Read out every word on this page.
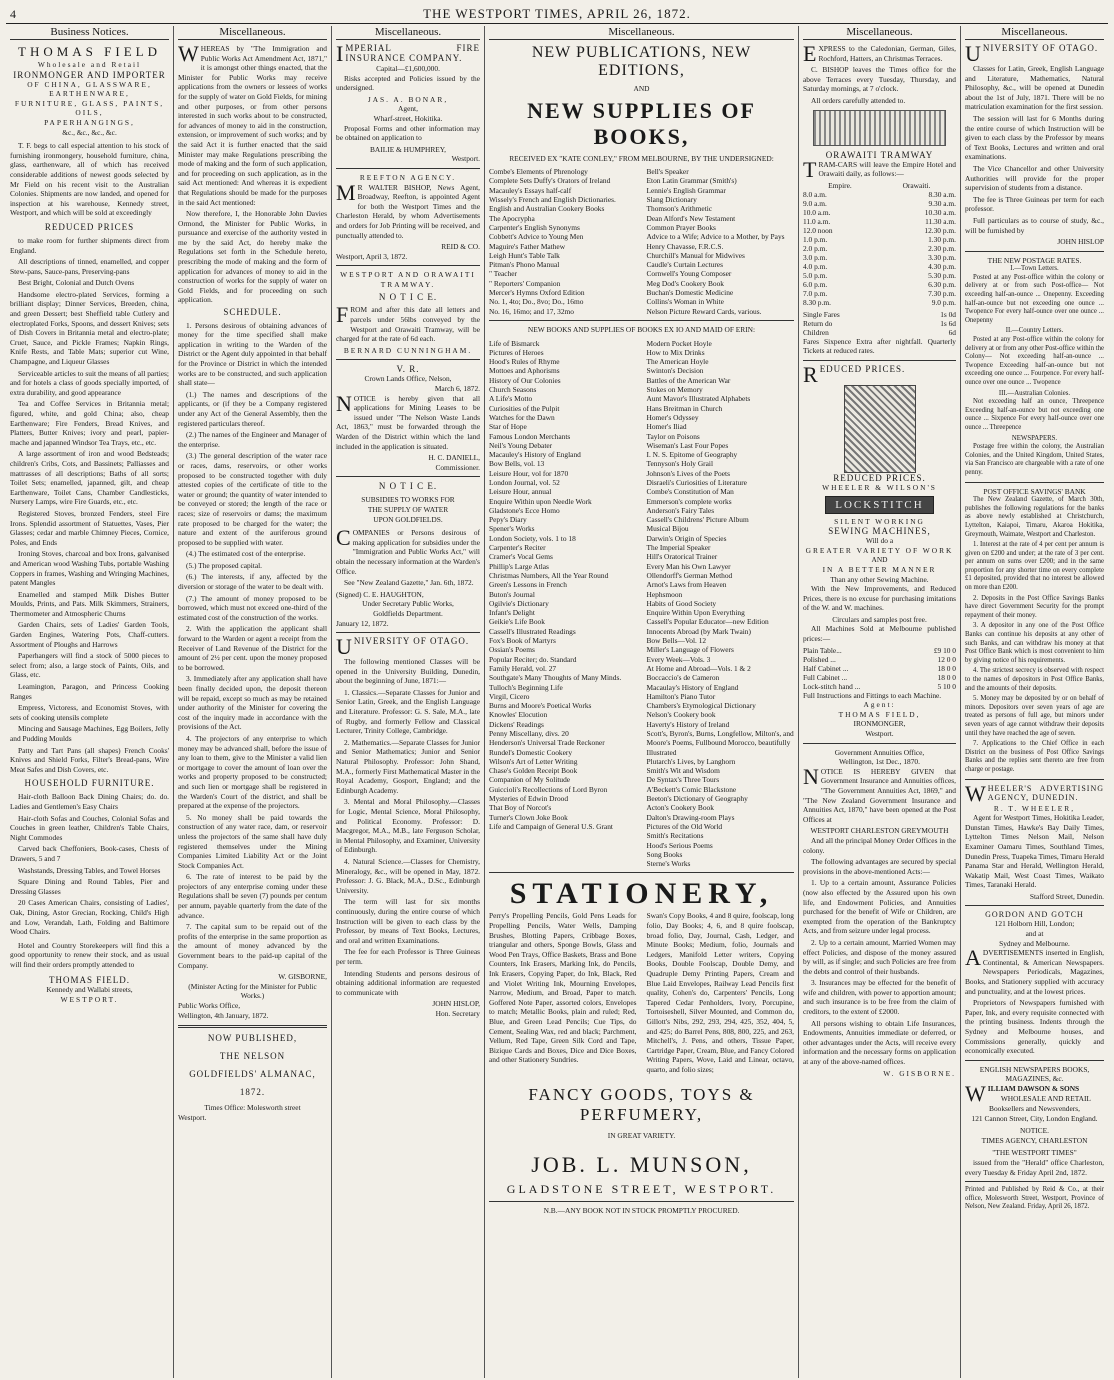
4	THE WESTPORT TIMES, APRIL 26, 1872.
Business Notices.
THOMAS FIELD
Wholesale and Retail
IRONMONGER AND IMPORTER
OF CHINA, GLASSWARE,
EARTHENWARE,
FURNITURE, GLASS, PAINTS, OILS,
PAPERHANGINGS,
&c., &c., &c., &c.

T. F. begs to call especial attention to his stock of furnishing ironmongery, household furniture, china, glass, earthenware, all of which has received considerable additions of newest goods selected by Mr Field on his recent visit to the Australian Colonies. Shipments are now landed, and opened for inspection at his warehouse, Kennedy street, Westport, and which will be sold at exceedingly

REDUCED PRICES

to make room for further shipments direct from England.

All descriptions of tinned, enamelled, and copper Stew-pans, Sauce-pans, Preserving-pans

Best Bright, Colonial and Dutch Ovens

Handsome electro-plated Services, forming a brilliant display; Dinner Services, Breeden, china, and green Dessert; best Sheffield table Cutlery and electroplated Forks, Spoons, and dessert Knives; sets of Dish Covers in Britannia metal and electro-plate; Cruet, Sauce, and Pickle Frames; Napkin Rings, Knife Rests, and Table Mats; superior cut Wine, Champagne, and Liqueur Glasses

Serviceable articles to suit the means of all parties; and for hotels a class of goods specially imported, of extra durability, and good appearance

Tea and Coffee Services in Britannia metal; figured, white, and gold China; also, cheap Earthenware; Fire Fenders, Bread Knives, and Platters, Butter Knives; ivory and pearl, papier-mache and japanned Windsor Tea Trays, etc., etc.

A large assortment of iron and wood Bedsteads; children's Cribs, Cots, and Bassinets; Palliasses and mattrasses of all descriptions; Baths of all sorts; Toilet Sets; enamelled, japanned, gilt, and cheap Earthenware, Toilet Cans, Chamber Candlesticks, Nursery Lamps, wire Fire Guards, etc., etc.

Registered Stoves, bronzed Fenders, steel Fire Irons. Splendid assortment of Statuettes, Vases, Pier Glasses; cedar and marble Chimney Pieces, Cornice, Poles, and Ends

Ironing Stoves, charcoal and box Irons, galvanised and American wood Washing Tubs, portable Washing Coppers in frames, Washing and Wringing Machines, patent Mangles

Enamelled and stamped Milk Dishes Butter Moulds, Prints, and Pats. Milk Skimmers, Strainers, Thermometer and Atmospheric Churns

Garden Chairs, sets of Ladies' Garden Tools, Garden Engines, Watering Pots, Chaff-cutters. Assortment of Ploughs and Harrows

Paperhangers will find a stock of 5000 pieces to select from; also, a large stock of Paints, Oils, and Glass, etc.

Leamington, Paragon, and Princess Cooking Ranges

Empress, Victoress, and Economist Stoves, with sets of cooking utensils complete

Mincing and Sausage Machines, Egg Boilers, Jelly and Pudding Moulds

Patty and Tart Pans (all shapes) French Cooks' Knives and Shield Forks, Filter's Bread-pans, Wire Meat Safes and Dish Covers, etc.

HOUSEHOLD FURNITURE.

Hair-cloth Balloon Back Dining Chairs; do. do. Ladies and Gentlemen's Easy Chairs

Hair-cloth Sofas and Couches, Colonial Sofas and Couches in green leather, Children's Table Chairs, Night Commodes

Carved back Cheffoniers, Book-cases, Chests of Drawers, 5 and 7

Washstands, Dressing Tables, and Towel Horses

Square Dining and Round Tables, Pier and Dressing Glasses

20 Cases American Chairs, consisting of Ladies', Oak, Dining, Astor Grecian, Rocking, Child's High and Low, Verandah, Lath, Folding and Baltimore Wood Chairs.

Hotel and Country Storekeepers will find this a good opportunity to renew their stock, and as usual will find their orders promptly attended to

THOMAS FIELD.
Kennedy and Wallabi streets,
WESTPORT.
Miscellaneous.
W HEREAS by "The Immigration and Public Works Act Amendment Act, 1871," it is amongst other things enacted, that the Minister for Public Works may receive applications from the owners or lessees of works for the supply of water on Gold Fields, for mining and other purposes, or from other persons interested in such works about to be constructed, for advances of money to aid in the construction, extension, or improvement of such works; and by the said Act it is further enacted that the said Minister may make Regulations prescribing the mode of making and the form of such application, and for proceeding on such application, as in the said Act mentioned: And whereas it is expedient that Regulations should be made for the purposes in the said Act mentioned:

Now therefore, I, the Honorable John Davies Ormond, the Minister for Public Works, in pursuance and exercise of the authority vested in me by the said Act, do hereby make the Regulations set forth in the Schedule hereto, prescribing the mode of making and the form of application for advances of money to aid in the construction of works for the supply of water on Gold Fields, and for proceeding on such application.

SCHEDULE.

1. Persons desirous of obtaining advances of money for the time specified shall make application in writing to the Warden of the District or the Agent duly appointed in that behalf for the Province or District in which the intended works are to be constructed, and such application shall state—

(1.) The names and descriptions of the applicants, or (if they be a Company registered under any Act of the General Assembly, then the registered particulars thereof.

(2.) The names of the Engineer and Manager of the enterprise.

(3.) The general description of the water race or races, dams, reservoirs, or other works proposed to be constructed together with duly attested copies of the certificate of title to the water or ground; the quantity of water intended to be conveyed or stored; the length of the race or races; size of reservoirs or dams; the maximum rate proposed to be charged for the water; the nature and extent of the auriferous ground proposed to be supplied with water.

(4.) The estimated cost of the enterprise.

(5.) The proposed capital.

(6.) The interests, if any, affected by the diversion or storage of the water to be dealt with.

(7.) The amount of money proposed to be borrowed, which must not exceed one-third of the estimated cost of the construction of the works.

2. With the application the applicant shall forward to the Warden or agent a receipt from the Receiver of Land Revenue of the District for the amount of 2½ per cent. upon the money proposed to be borrowed.

3. Immediately after any application shall have been finally decided upon, the deposit thereon will be repaid, except so much as may be retained under authority of the Minister for covering the cost of the inquiry made in accordance with the provisions of the Act.

4. The projectors of any enterprise to which money may be advanced shall, before the issue of any loan to them, give to the Minister a valid lien or mortgage to cover the amount of loan over the works and property proposed to be constructed; and such lien or mortgage shall be registered in the Warden's Court of the district, and shall be prepared at the expense of the projectors.

5. No money shall be paid towards the construction of any water race, dam, or reservoir unless the projectors of the same shall have duly registered themselves under the Mining Companies Limited Liability Act or the Joint Stock Companies Act.

6. The rate of interest to be paid by the projectors of any enterprise coming under these Regulations shall be seven (7) pounds per centum per annum, payable quarterly from the date of the advance.

7. The capital sum to be repaid out of the profits of the enterprise in the same proportion as the amount of money advanced by the Government bears to the paid-up capital of the Company.

W. GISBORNE,
(Minister Acting for the Minister for Public Works.)
Public Works Office,
Wellington, 4th January, 1872.
NOW PUBLISHED,
THE NELSON
GOLDFIELDS' ALMANAC,
1872.
Times Office: Molesworth street
Westport.
Miscellaneous.
I MPERIAL FIRE INSURANCE COMPANY.
Capital—£1,600,000.

Risks accepted and Policies issued by the undersigned.

JAS. A. BONAR,
Agent,
Wharf-street, Hokitika.

Proposal Forms and other information may be obtained on application to

BAILIE & HUMPHREY,
Westport.
REEFTON AGENCY.
M R WALTER BISHOP, News Agent, Broadway, Reefton, is appointed Agent for both the Westport Times and the Charleston Herald, by whom Advertisements and orders for Job Printing will be received, and punctually attended to.

REID & CO.
Westport, April 3, 1872.
WESTPORT AND ORAWAITI
TRAMWAY.
N O T I C E.
F ROM and after this date all letters and parcels under 56lbs conveyed by the Westport and Orawaiti Tramway, will be charged for at the rate of 6d each.

BERNARD CUNNINGHAM.
V. R.
Crown Lands Office, Nelson,
March 6, 1872.
N OTICE is hereby given that all applications for Mining Leases to be issued under "The Nelson Waste Lands Act, 1863," must be forwarded through the Warden of the District within which the land included in the application is situated.

H. C. DANIELL,
Commissioner.
N O T I C E.
SUBSIDIES TO WORKS FOR
THE SUPPLY OF WATER
UPON GOLDFIELDS.
C OMPANIES or Persons desirous of making application for subsidies under the "Immigration and Public Works Act," will obtain the necessary information at the Warden's Office.

See "New Zealand Gazette," Jan. 6th, 1872.

(Signed) C. E. HAUGHTON,
Under Secretary Public Works,
Goldfields Department.
January 12, 1872.
U NIVERSITY OF OTAGO.

The following mentioned Classes will be opened in the University Building, Dunedin, about the beginning of June, 1871:—

1. Classics.—Separate Classes for Junior and Senior Latin, Greek, and the English Language and Literature. Professor: G. S. Sale, M.A., late of Rugby, and formerly Fellow and Classical Lecturer, Trinity College, Cambridge.

2. Mathematics.—Separate Classes for Junior and Senior Mathematics; Junior and Senior Natural Philosophy. Professor: John Shand, M.A., formerly First Mathematical Master in the Royal Academy, Gosport, England; and the Edinburgh Academy.

3. Mental and Moral Philosophy.—Classes for Logic, Mental Science, Moral Philosophy, and Political Economy. Professor: D. Macgregor, M.A., M.B., late Ferguson Scholar, in Mental Philosophy, and Examiner, University of Edinburgh.

4. Natural Science.—Classes for Chemistry, Mineralogy, &c., will be opened in May, 1872. Professor: J. G. Black, M.A., D.Sc., Edinburgh University.

The term will last for six months continuously, during the entire course of which Instruction will be given to each class by the Professor, by means of Text Books, Lectures, and oral and written Examinations.

The fee for each Professor is Three Guineas per term.

Intending Students and persons desirous of obtaining additional information are requested to communicate with

JOHN HISLOP,
Hon. Secretary
Miscellaneous.
NEW PUBLICATIONS, NEW EDITIONS,
AND
NEW SUPPLIES OF BOOKS,
RECEIVED EX "KATE CONLEY," FROM MELBOURNE, BY THE UNDERSIGNED:
Combe's Elements of Phrenology
Complete Sets Duffy's Orators of Ireland
Macauley's Essays half-calf
Wissely's French and English Dictionaries.
English and Australian Cookery Books
The Apocrypha
Carpenter's English Synonyms
Cobbett's Advice to Young Men
Maguire's Father Mathew
Leigh Hunt's Table Talk
Pitman's Phono Manual
" Teacher
" Reporters' Companion
Mercer's Hymns Oxford Edition
No. 1, 4to; Do., 8vo; Do., 16mo
No. 16, 16mo; and 17, 32mo
Bell's Speaker
Eton Latin Grammar (Smith's)
Lennie's English Grammar
Slang Dictionary
Thomson's Arithmetic
Dean Alford's New Testament
Common Prayer Books
Advice to a Wife; Advice to a Mother, by Pays Henry Chavasse, F.R.C.S.
Churchill's Manual for Midwives
Caudle's Curtain Lectures
Cornwell's Young Composer
Meg Dod's Cookery Book
Buchan's Domestic Medicine
Collins's Woman in White
Nelson Picture Reward Cards, various.
NEW BOOKS AND SUPPLIES OF BOOKS EX IO AND MAID OF ERIN:
Life of Bismarck
Pictures of Heroes
Hood's Rules of Rhyme
Mottoes and Aphorisms
History of Our Colonies
Church Seasons
A Life's Motto
Curiosities of the Pulpit
Watches for the Dawn
Star of Hope
Famous London Merchants
Neil's Young Debater
Macauley's History of England
Bow Bells, vol. 13
Leisure Hour, vol for 1870
London Journal, vol. 52
Leisure Hour, annual
Enquire Within upon Needle Work
Gladstone's Ecce Homo
Pepy's Diary
Spener's Works
London Society, vols. 1 to 18
Carpenter's Reciter
Cramer's Vocal Gems
Phillip's Large Atlas
Christmas Numbers, All the Year Round
Green's Lessons in French
Buton's Journal
Ogilvie's Dictionary
Infant's Delight
Geikie's Life Book
Cassell's Illustrated Readings
Fox's Book of Martyrs
Ossian's Poems
Popular Reciter; do. Standard
Family Herald, vol. 27
Southgate's Many Thoughts of Many Minds.
Tulloch's Beginning Life
Virgil, Cicero
Burns and Moore's Poetical Works
Knowles' Elocution
Dickens' Readings
Penny Miscellany, divs. 20
Henderson's Universal Trade Reckoner
Rundel's Domestic Cookery
Wilson's Art of Letter Writing
Chase's Golden Receipt Book
Companion of My Solitude
Guiccioli's Recollections of Lord Byron
Mysteries of Edwin Drood
That Boy of Norcot's
Turner's Clown Joke Book
Life and Campaign of General U.S. Grant
Modern Pocket Hoyle
How to Mix Drinks
The American Hoyle
Swinton's Decision
Battles of the American War
Stokes on Memory
Aunt Mavor's Illustrated Alphabets
Hans Breitman in Church
Homer's Odyssey
Homer's Iliad
Taylor on Poisons
Wiseman's Last Four Popes
I. N. S. Epitome of Geography
Tennyson's Holy Grail
Johnson's Lives of the Poets
Disraeli's Curiosities of Literature
Combe's Constitution of Man
Emmerson's complete works
Anderson's Fairy Tales
Cassell's Childrens' Picture Album
Musical Bijou
Darwin's Origin of Species
The Imperial Speaker
Hill's Oratorical Trainer
Every Man his Own Lawyer
Ollendorff's German Method
Arnot's Laws from Heaven
Hephsmoon
Habits of Good Society
Enquire Within Upon Everything
Cassell's Popular Educator—new Edition
Innocents Abroad (by Mark Twain)
Bow Bells—Vol. 12
Miller's Language of Flowers
Every Week—Vols. 3
At Home and Abroad—Vols. 1 & 2
Boccaccio's de Cameron
Macaulay's History of England
Hamilton's Piano Tutor
Chambers's Etymological Dictionary
Nelson's Cookery book
Haverty's History of Ireland
Scott's, Byron's, Burns, Longfellow, Milton's, and Moore's Poems, Fullbound Morocco, beautifully Illustrated
Plutarch's Lives, by Langhorn
Smith's Wit and Wisdom
De Syntax's Three Tours
A'Beckett's Comic Blackstone
Beeton's Dictionary of Geography
Acton's Cookery Book
Dalton's Drawing-room Plays
Pictures of the Old World
Smith's Recitations
Hood's Serious Poems
Song Books
Sterne's Works
STATIONERY,
Perry's Propelling Pencils, Gold Pens Leads for Propelling Pencils, Water Wells, Damping Brushes, Blotting Papers, Cribbage Boxes, triangular and others, Sponge Bowls, Glass and Wood Pen Trays, Office Baskets, Brass and Bone Counters, Ink Erasers, Marking Ink, do Pencils, Ink Erasers, Copying Paper, do Ink, Black, Red and Violet Writing Ink, Mourning Envelopes, Narrow, Medium, and Broad, Paper to match. Goffered Note Paper, assorted colors, Envelopes to match; Metallic Books, plain and ruled; Red, Blue, and Green Lead Pencils; Cue Tips, do Cement, Sealing Wax, red and black; Parchment, Vellum, Red Tape, Green Silk Cord and Tape, Bizique Cards and Boxes, Dice and Dice Boxes, and other Stationery Sundries.
Swan's Copy Books, 4 and 8 quire, foolscap, long folio, Day Books; 4, 6, and 8 quire foolscap, broad folio, Day, Journal, Cash, Ledger, and Minute Books; Medium, folio, Journals and Ledgers, Manifold Letter writers, Copying Books, Double Foolscap, Double Demy, and Quadruple Demy Printing Papers, Cream and Blue Laid Envelopes, Railway Lead Pencils first quality, Cohen's do, Carpenters' Pencils, Long Tapered Cedar Penholders, Ivory, Porcupine, Tortoiseshell, Silver Mounted, and Common do, Gillott's Nibs, 292, 293, 294, 425, 352, 404, 5, and 425; do Barrel Pens, 808, 800, 225, and 263, Mitchell's, J. Pens, and others, Tissue Paper, Cartridge Paper, Cream, Blue, and Fancy Colored Writing Papers, Wove, Laid and Linear, octavo, quarto, and folio sizes;
FANCY GOODS, TOYS & PERFUMERY,
IN GREAT VARIETY.
JOB. L. MUNSON,
GLADSTONE STREET, WESTPORT.
N.B.—ANY BOOK NOT IN STOCK PROMPTLY PROCURED.
Miscellaneous.
E XPRESS to the Caledonian, German, Giles, Rochford, Hatters, an Christmas Terraces.

C. BISHOP leaves the Times office for the above Terraces every Tuesday, Thursday, and Saturday mornings, at 7 o'clock.

All orders carefully attended to.

ORAWAITI TRAMWAY
T RAM-CARS will leave the Empire Hotel and Orawaiti daily, as follows:—

Empire.	Orawaiti.
8.0 a.m.	8.30 a.m.
9.0 a.m.	9.30 a.m.
10.0 a.m.	10.30 a.m.
11.0 a.m.	11.30 a.m.
12.0 noon	12.30 p.m.
1.0 p.m.	1.30 p.m.
2.0 p.m.	2.30 p.m.
3.0 p.m.	3.30 p.m.
4.0 p.m.	4.30 p.m.
5.0 p.m.	5.30 p.m.
6.0 p.m.	6.30 p.m.
7.0 p.m.	7.30 p.m.
8.30 p.m.	9.0 p.m.
Single Fares	1s 0d
Return do	1s 6d
Children	6d
Fares Sixpence Extra after nightfall. Quarterly Tickets at reduced rates.
R EDUCED PRICES.
REDUCED PRICES.
WHEELER & WILSON'S
LOCKSTITCH
SILENT WORKING
SEWING MACHINES,
Will do a
GREATER VARIETY OF WORK
AND
IN A BETTER MANNER
Than any other Sewing Machine.

With the New Improvements, and Reduced Prices, there is no excuse for purchasing imitations of the W. and W. machines.

Circulars and samples post free.

All Machines Sold at Melbourne published prices:—

Plain Table...	£9 10 0
Polished ...	12 0 0
Half Cabinet ...	18 0 0
Full Cabinet ...	18 0 0
Lock-stitch hand ...	5 10 0
Full Instructions and Fittings to each Machine.
Agent:
THOMAS FIELD,
IRONMONGER,
Westport.
Government Annuities Office,
Wellington, 1st Dec., 1870.
N OTICE IS HEREBY GIVEN that Government Insurance and Annuities offices, "The Government Annuities Act, 1869," and "The New Zealand Government Insurance and Annuities Act, 1870," have been opened at the Post Offices at

WESTPORT CHARLESTON GREYMOUTH

And all the principal Money Order Offices in the colony.

The following advantages are secured by special provisions in the above-mentioned Acts:—

1. Up to a certain amount, Assurance Policies (now also effected by the Assured upon his own life, and Endowment Policies, and Annuities purchased for the benefit of Wife or Children, are exempted from the operation of the Bankruptcy Acts, and from seizure under legal process.

2. Up to a certain amount, Married Women may effect Policies, and dispose of the money assured by will, as if single; and such Policies are free from the debts and control of their husbands.

3. Insurances may be effected for the benefit of wife and children, with power to apportion amount; and such insurance is to be free from the claim of creditors, to the extent of £2000.

All persons wishing to obtain Life Insurances, Endowments, Annuities immediate or deferred, or other advantages under the Acts, will receive every information and the necessary forms on application at any of the above-named offices.

W. GISBORNE.
Miscellaneous.
U NIVERSITY OF OTAGO.

Classes for Latin, Greek, English Language and Literature, Mathematics, Natural Philosophy, &c., will be opened at Dunedin about the 1st of July, 1871. There will be no matriculation examination for the first session.

The session will last for 6 Months during the entire course of which Instruction will be given to each class by the Professor by means of Text Books, Lectures and written and oral examinations.

The Vice Chancellor and other University Authorities will provide for the proper supervision of students from a distance.

The fee is Three Guineas per term for each professor.

Full particulars as to course of study, &c., will be furnished by

JOHN HISLOP
THE NEW POSTAGE RATES.
I.—Town Letters.

Posted at any Post-office within the colony or delivery at or from such Post-office— Not exceeding half-an-ounce ... Onepenny. Exceeding half-an-ounce but not exceeding one ounce ... Twopence For every half-ounce over one ounce ... Onepenny

II.—Country Letters.

Posted at any Post-office within the colony for delivery at or from any other Post-office within the Colony— Not exceeding half-an-ounce ... Twopence Exceeding half-an-ounce but not exceeding one ounce ... Fourpence. For every half-ounce over one ounce ... Twopence

III.—Australian Colonies.

Not exceeding half an ounce, Threepence Exceeding half-an-ounce but not exceeding one ounce ... Sixpence For every half-ounce over one ounce ... Threepence

NEWSPAPERS.

Postage free within the colony, the Australian Colonies, and the United Kingdom, United States, via San Francisco are chargeable with a rate of one penny.

POST OFFICE SAVINGS' BANK

The New Zealand Gazette, of March 30th, publishes the following regulations for the banks as above newly established at Christchurch, Lyttelton, Kaiapoi, Timaru, Akaroa Hokitika, Greymouth, Waimate, Westport and Charleston.

1. Interest at the rate of 4 per cent per annum is given on £200 and under; at the rate of 3 per cent. per annum on sums over £200; and in the same proportion for any shorter time on every complete £1 deposited, provided that no interest be allowed on more than £200.

2. Deposits in the Post Office Savings Banks have direct Government Security for the prompt repayment of their money.

3. A depositor in any one of the Post Office Banks can continue his deposits at any other of such Banks, and can withdraw his money at that Post Office Bank which is most convenient to him by giving notice of his requirements.

4. The strictest secrecy is observed with respect to the names of depositors in Post Office Banks, and the amounts of their deposits.

5. Money may be deposited by or on behalf of minors. Depositors over seven years of age are treated as persons of full age, but minors under seven years of age cannot withdraw their deposits until they have reached the age of seven.

7. Applications to the Chief Office in each District on the business of Post Office Savings Banks and the replies sent thereto are free from charge or postage.

W HEELER'S ADVERTISING AGENCY, DUNEDIN.
R. T. WHEELER,

Agent for Westport Times, Hokitika Leader, Dunstan Times, Hawke's Bay Daily Times, Lyttelton Times Nelson Mail, Nelson Examiner Oamaru Times, Southland Times, Dunedin Press, Tuapeka Times, Timaru Herald Panama Star and Herald, Wellington Herald, Wakatip Mail, West Coast Times, Waikato Times, Taranaki Herald.

Stafford Street, Dunedin.
GORDON AND GOTCH
121 Holborn Hill, London;
and at
Sydney and Melbourne.
A DVERTISEMENTS inserted in English, Continental, & American Newspapers. Newspapers Periodicals, Magazines, Books, and Stationery supplied with accuracy and punctuality, and at the lowest prices.

Proprietors of Newspapers furnished with Paper, Ink, and every requisite connected with the printing business. Indents through the Sydney and Melbourne houses, and Commissions generally, quickly and economically executed.

ENGLISH NEWSPAPERS BOOKS, MAGAZINES, &c.
W ILLIAM DAWSON & SONS
WHOLESALE AND RETAIL
Booksellers and Newsvenders,
121 Cannon Street, City, London England.
NOTICE.
TIMES AGENCY, CHARLESTON
"THE WESTPORT TIMES"

issued from the "Herald" office Charleston, every Tuesday & Friday April 2nd, 1872.

Printed and Published by Reid & Co., at their office, Molesworth Street, Westport, Province of Nelson, New Zealand. Friday, April 26, 1872.
